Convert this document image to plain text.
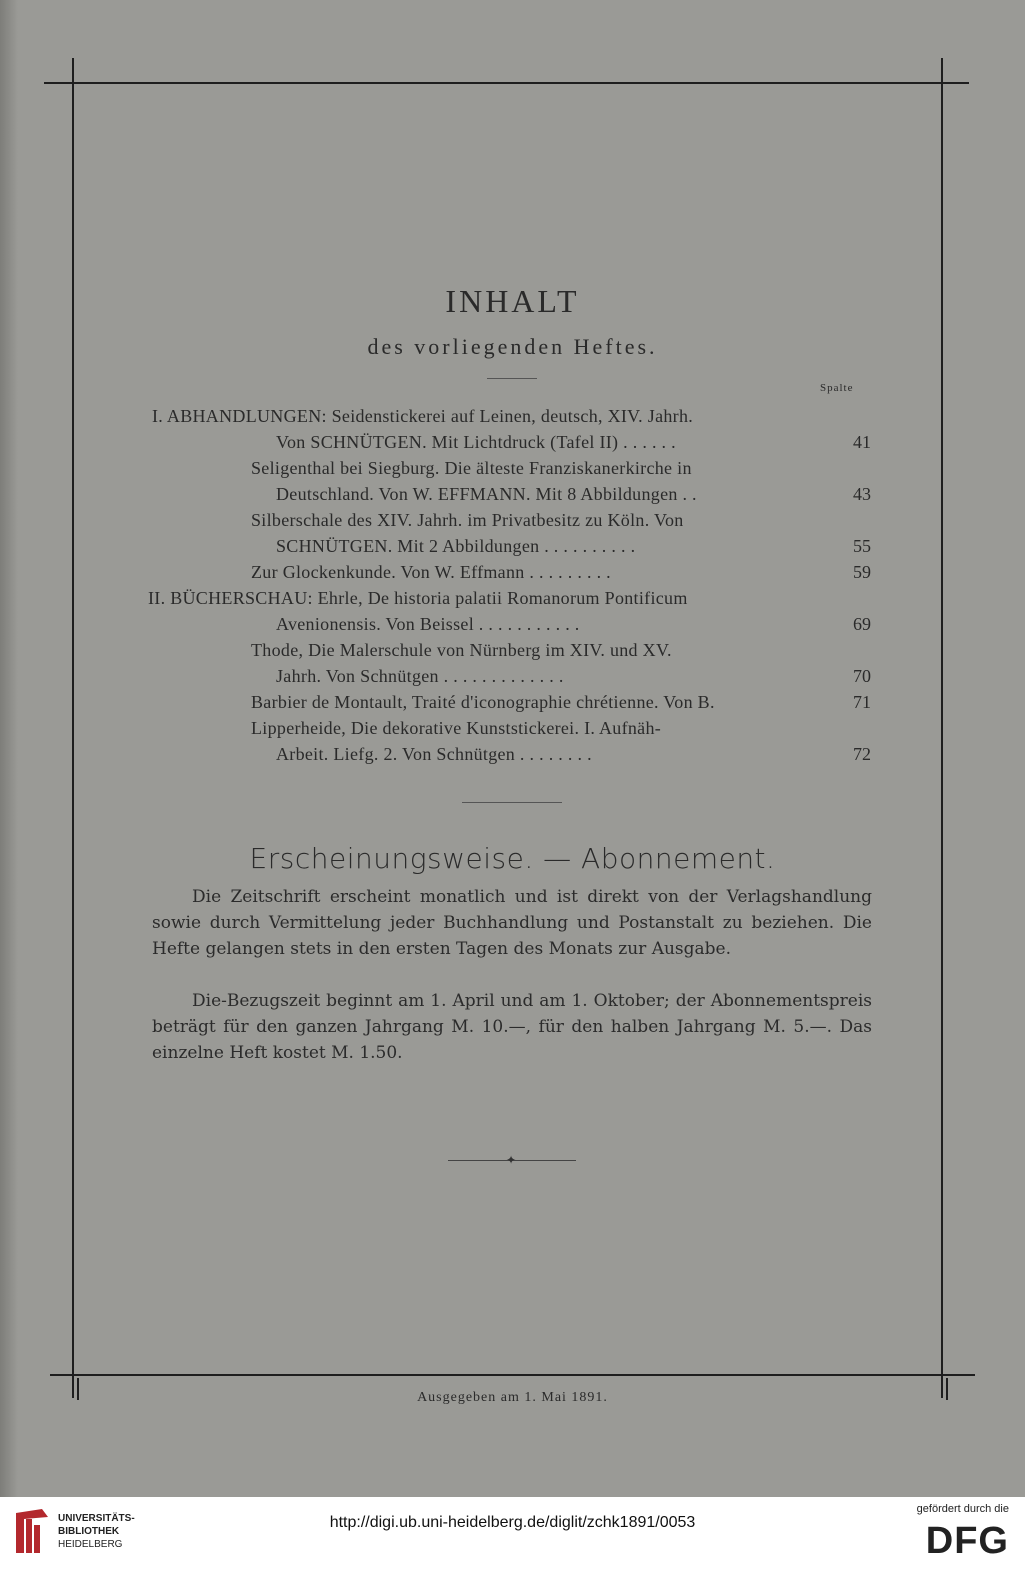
INHALT
des vorliegenden Heftes.
Spalte
I. ABHANDLUNGEN: Seidenstickerei auf Leinen, deutsch, XIV. Jahrh.
Von SCHNÜTGEN. Mit Lichtdruck (Tafel II) . . . . . .	41
Seligenthal bei Siegburg. Die älteste Franziskanerkirche in
Deutschland. Von W. EFFMANN. Mit 8 Abbildungen . .	43
Silberschale des XIV. Jahrh. im Privatbesitz zu Köln. Von
SCHNÜTGEN. Mit 2 Abbildungen . . . . . . . . . .	55
Zur Glockenkunde. Von W. Effmann . . . . . . . . .	59
II. BÜCHERSCHAU: Ehrle, De historia palatii Romanorum Pontificum
Avenionensis. Von Beissel . . . . . . . . . . .	69
Thode, Die Malerschule von Nürnberg im XIV. und XV.
Jahrh. Von Schnütgen . . . . . . . . . . . . .	70
Barbier de Montault, Traité d'iconographie chrétienne. Von B.	71
Lipperheide, Die dekorative Kunststickerei. I. Aufnäh-
Arbeit. Liefg. 2. Von Schnütgen . . . . . . . .	72
Erscheinungsweise. — Abonnement.
Die Zeitschrift erscheint monatlich und ist direkt von der Verlagshandlung sowie durch Vermittelung jeder Buchhandlung und Postanstalt zu beziehen. Die Hefte gelangen stets in den ersten Tagen des Monats zur Ausgabe.
Die-Bezugszeit beginnt am 1. April und am 1. Oktober; der Abonnementspreis beträgt für den ganzen Jahrgang M. 10.—, für den halben Jahrgang M. 5.—. Das einzelne Heft kostet M. 1.50.
✦
Ausgegeben am 1. Mai 1891.
UNIVERSITÄTS-
BIBLIOTHEK
HEIDELBERG
http://digi.ub.uni-heidelberg.de/diglit/zchk1891/0053
gefördert durch die
DFG
